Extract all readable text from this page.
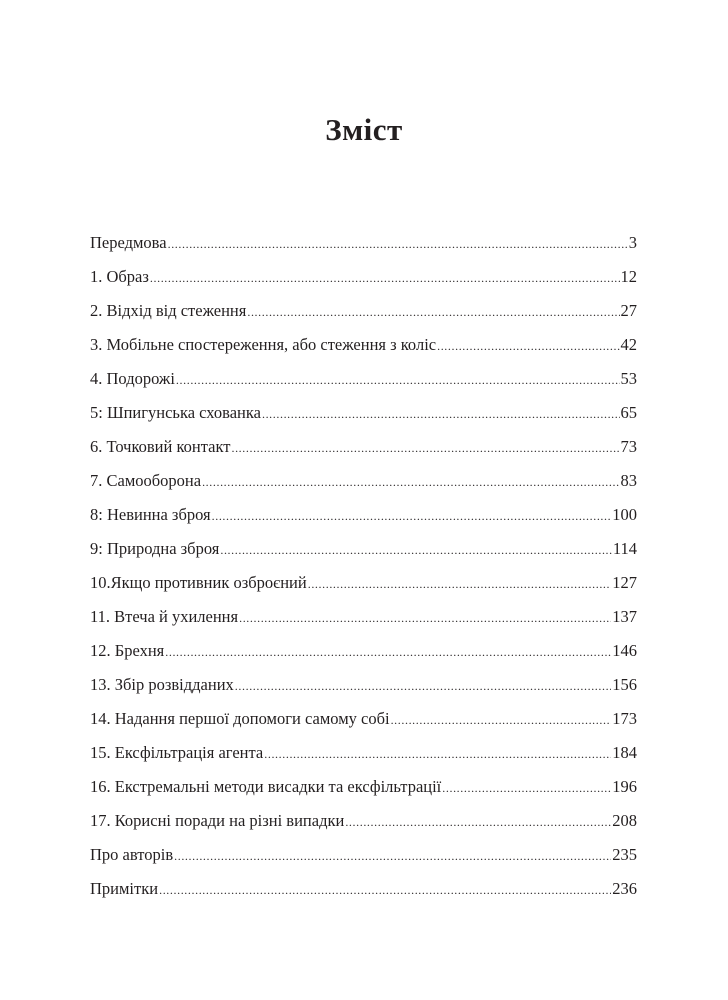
Зміст
Передмова .....	3
1. Образ .....	12
2. Відхід від стеження .....	27
3. Мобільне спостереження, або стеження з коліс .....	42
4. Подорожі .....	53
5: Шпигунська схованка .....	65
6. Точковий контакт .....	73
7. Самооборона .....	83
8: Невинна зброя .....	100
9: Природна зброя .....	114
10.Якщо противник озброєний .....	127
11. Втеча й ухилення .....	137
12. Брехня .....	146
13. Збір розвідданих .....	156
14. Надання першої допомоги самому собі .....	173
15. Ексфільтрація агента .....	184
16. Екстремальні методи висадки та ексфільтрації .....	196
17. Корисні поради на різні випадки .....	208
Про авторів .....	235
Примітки .....	236
